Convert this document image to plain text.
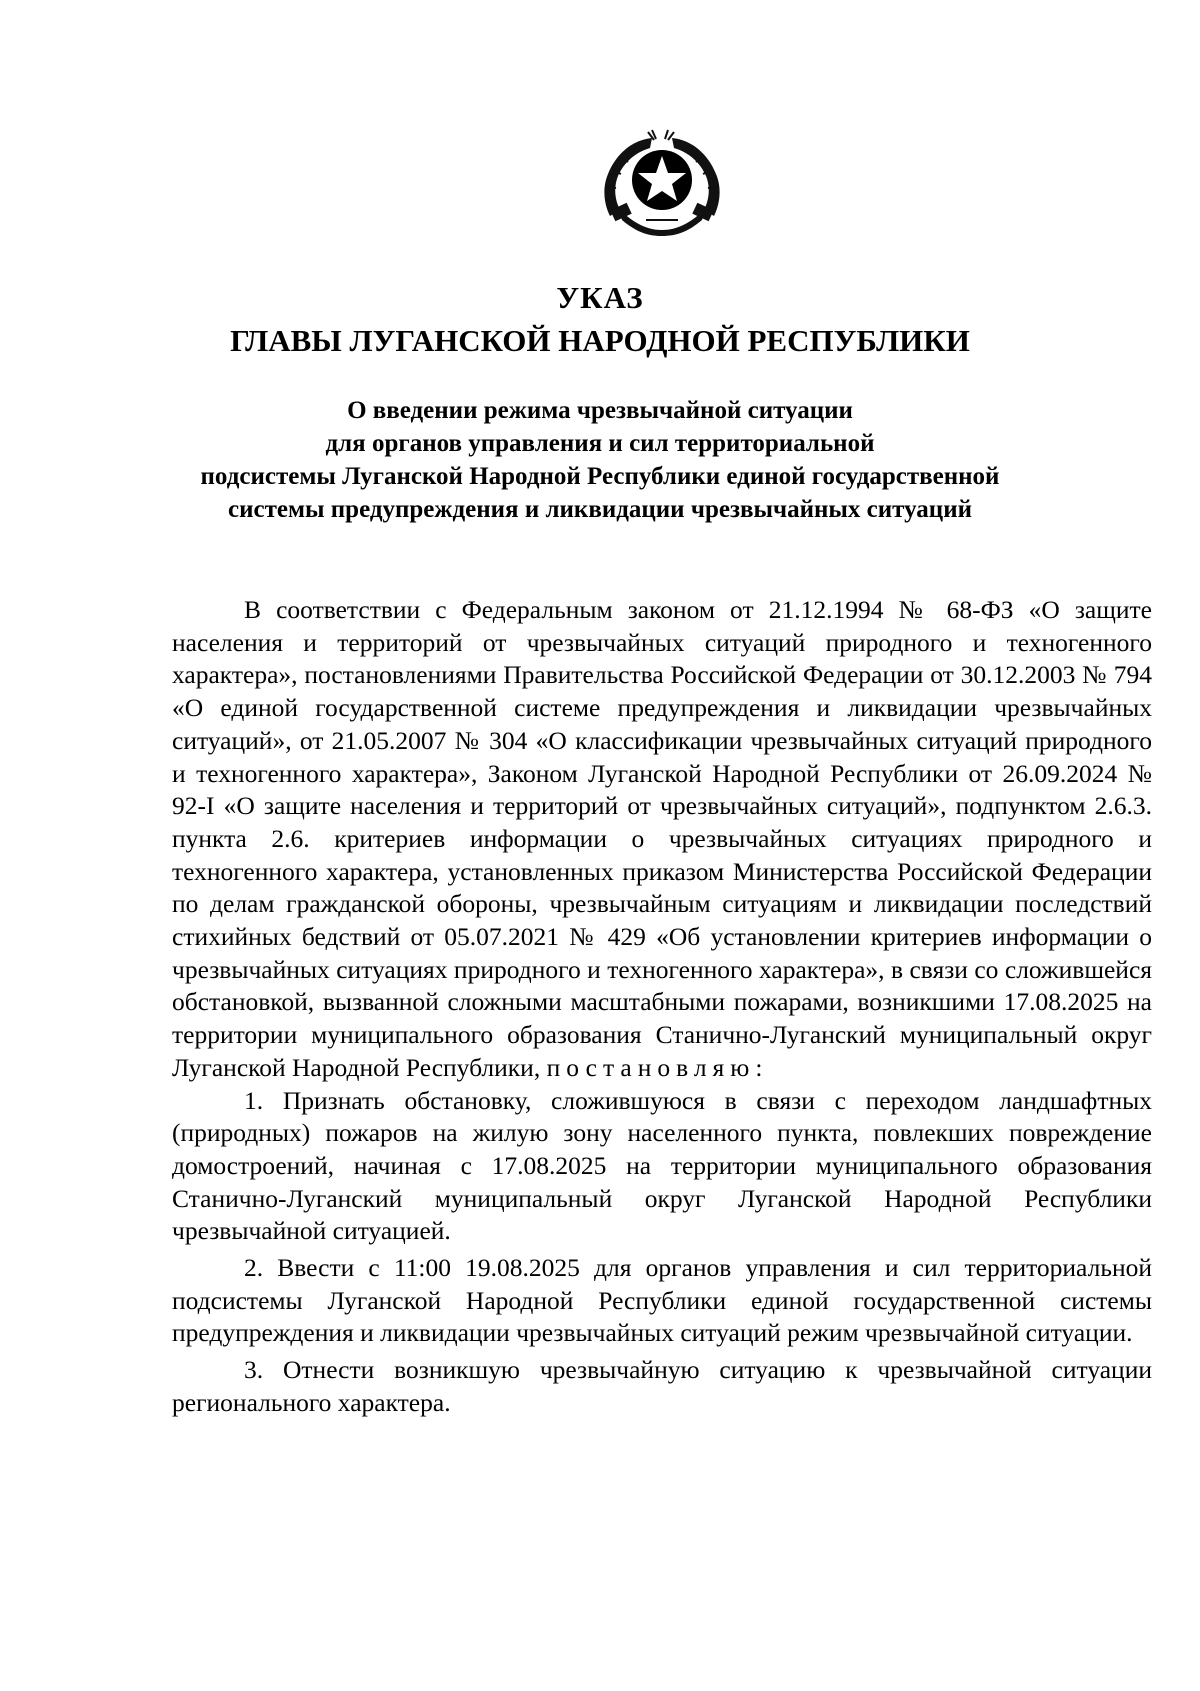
УКАЗ
ГЛАВЫ ЛУГАНСКОЙ НАРОДНОЙ РЕСПУБЛИКИ
О введении режима чрезвычайной ситуации
для органов управления и сил территориальной
подсистемы Луганской Народной Республики единой государственной
системы предупреждения и ликвидации чрезвычайных ситуаций

В соответствии с Федеральным законом от 21.12.1994 № 68-ФЗ «О защите населения и территорий от чрезвычайных ситуаций природного и техногенного характера», постановлениями Правительства Российской Федерации от 30.12.2003 № 794 «О единой государственной системе предупреждения и ликвидации чрезвычайных ситуаций», от 21.05.2007 № 304 «О классификации чрезвычайных ситуаций природного и техногенного характера», Законом Луганской Народной Республики от 26.09.2024 № 92-I «О защите населения и территорий от чрезвычайных ситуаций», подпунктом 2.6.3. пункта 2.6. критериев информации о чрезвычайных ситуациях природного и техногенного характера, установленных приказом Министерства Российской Федерации по делам гражданской обороны, чрезвычайным ситуациям и ликвидации последствий стихийных бедствий от 05.07.2021 № 429 «Об установлении критериев информации о чрезвычайных ситуациях природного и техногенного характера», в связи со сложившейся обстановкой, вызванной сложными масштабными пожарами, возникшими 17.08.2025 на территории муниципального образования Станично-Луганский муниципальный округ Луганской Народной Республики, постановляю:

1. Признать обстановку, сложившуюся в связи с переходом ландшафтных (природных) пожаров на жилую зону населенного пункта, повлекших повреждение домостроений, начиная с 17.08.2025 на территории муниципального образования Станично-Луганский муниципальный округ Луганской Народной Республики чрезвычайной ситуацией.

2. Ввести с 11:00 19.08.2025 для органов управления и сил территориальной подсистемы Луганской Народной Республики единой государственной системы предупреждения и ликвидации чрезвычайных ситуаций режим чрезвычайной ситуации.

3. Отнести возникшую чрезвычайную ситуацию к чрезвычайной ситуации регионального характера.
